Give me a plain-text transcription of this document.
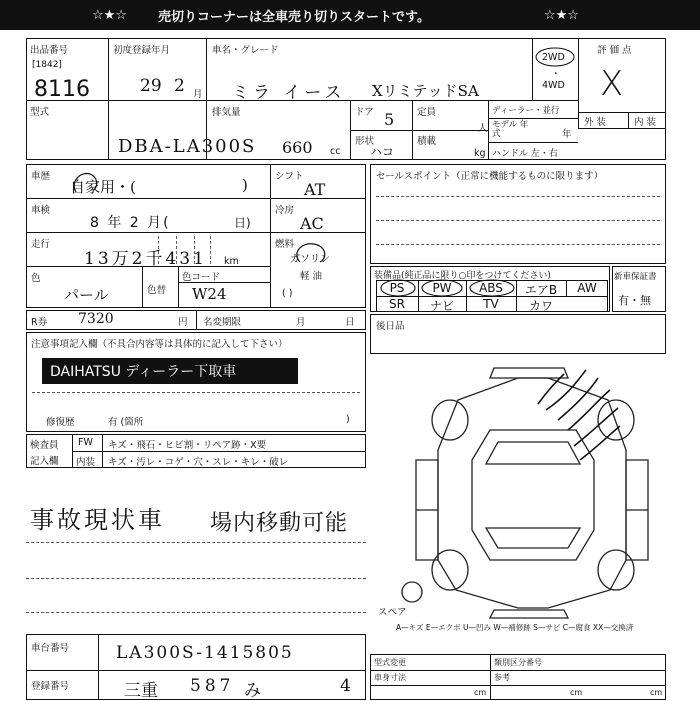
☆★☆ 売切りコーナーは全車売り切りスタートです。	☆★☆
出品番号
[1842]
8116
初度登録年月
29 2 月
車名・グレード
ミラ イース XリミテッドSA
2WD
・
4WD
評 価 点
X
外 装	内 装
型式
DBA-LA300S
排気量
660 cc
ドア 5
形状
ハコ
定員
人
積載
kg
ディーラー・並行
モデル 年式	年
ハンドル 左・右
車歴
自家用・(	)
車検
8 年 2 月(	日)
走行
13万2千431 km
色
パール	色替
色コード
W24
シフト
AT
冷房
AC
燃料
ガソリン
軽 油
( )
セールスポイント（正常に機能するものに限ります）
装備品(純正品に限り○印をつけてください)
PS	PW	ABS	エアB	AW
SR	ナビ	TV	カワ
新車保証書
有・無
R券 7320	円 名変期限	月	日 後日品
注意事項記入欄（不具合内容等は具体的に記入して下さい）
DAIHATSU ディーラー下取車
修復歴	有 (箇所	)
検査員
記入欄
FW キズ・飛石・ヒビ割・リペア跡・X要
内装 キズ・汚レ・コゲ・穴・スレ・キレ・破レ
事故現状車 場内移動可能
スペア
A—キズ E—エクボ U—凹み W—補修跡 S—サビ C—腐食 XX—交換済
車台番号	LA300S-1415805
登録番号	三重 587 み	4
型式変更	類別区分番号
参考
車身寸法
cm	cm	cm
